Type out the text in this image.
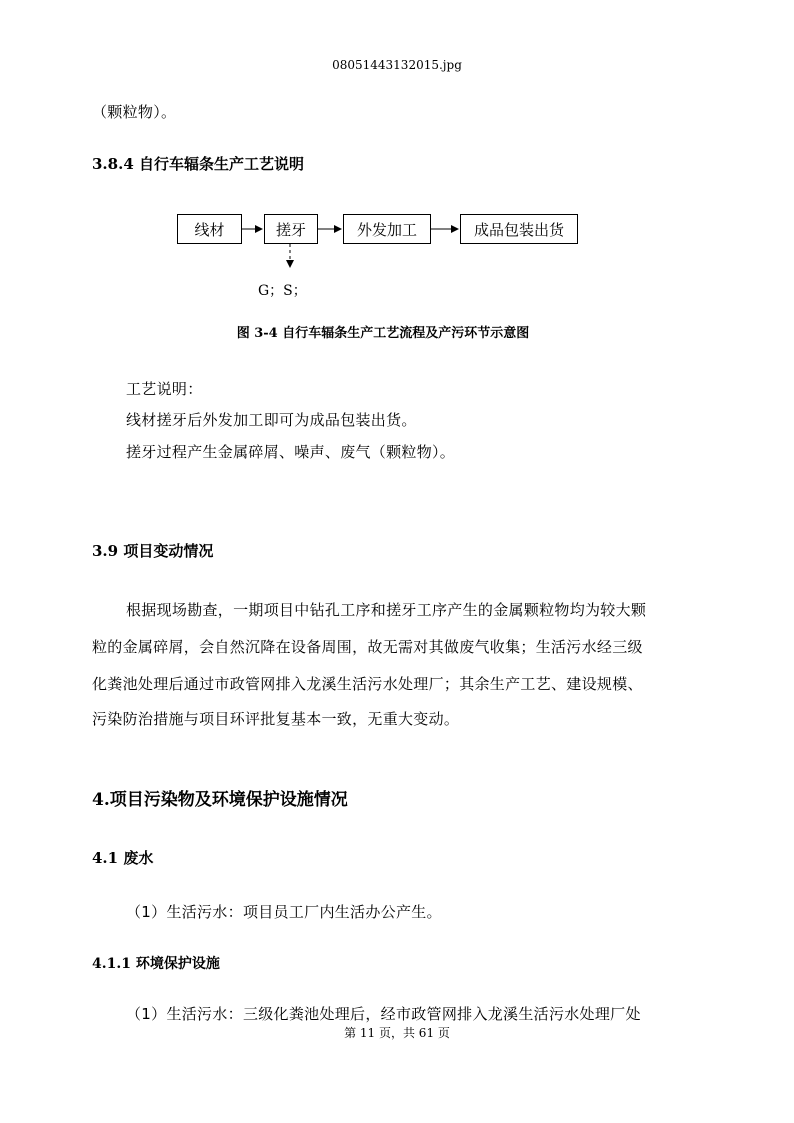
08051443132015.jpg
（颗粒物）。
3.8.4 自行车辐条生产工艺说明
线材	搓牙	外发加工	成品包装出货
G；S；
图 3-4 自行车辐条生产工艺流程及产污环节示意图
工艺说明：
线材搓牙后外发加工即可为成品包装出货。
搓牙过程产生金属碎屑、噪声、废气（颗粒物）。
3.9 项目变动情况
根据现场勘查，一期项目中钻孔工序和搓牙工序产生的金属颗粒物均为较大颗
粒的金属碎屑，会自然沉降在设备周围，故无需对其做废气收集；生活污水经三级
化粪池处理后通过市政管网排入龙溪生活污水处理厂；其余生产工艺、建设规模、
污染防治措施与项目环评批复基本一致，无重大变动。
4.项目污染物及环境保护设施情况
4.1 废水
（1）生活污水：项目员工厂内生活办公产生。
4.1.1 环境保护设施
（1）生活污水：三级化粪池处理后，经市政管网排入龙溪生活污水处理厂处
第 11 页，共 61 页
